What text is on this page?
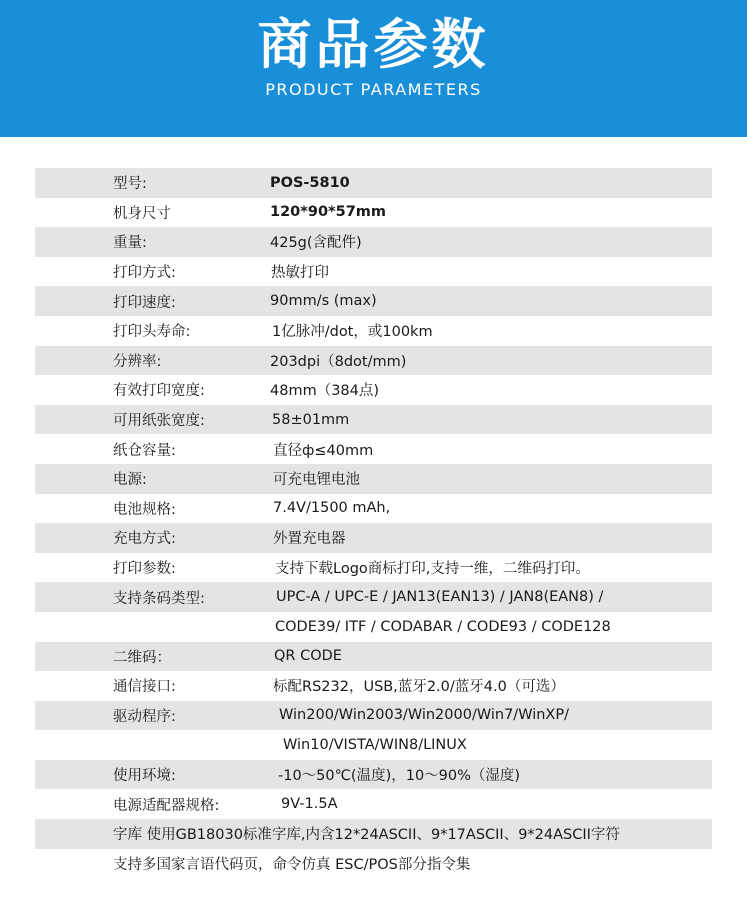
商品参数
PRODUCT PARAMETERS
型号:	POS-5810
机身尺寸	120*90*57mm
重量:	425g(含配件)
打印方式:	热敏打印
打印速度:	90mm/s (max)
打印头寿命:	1亿脉冲/dot，或100km
分辨率:	203dpi（8dot/mm)
有效打印宽度:	48mm（384点)
可用纸张宽度:	58±01mm
纸仓容量:	直径ф≤40mm
电源:	可充电锂电池
电池规格:	7.4V/1500 mAh,
充电方式:	外置充电器
打印参数:	支持下载Logo商标打印,支持一维，二维码打印。
支持条码类型:	UPC-A / UPC-E / JAN13(EAN13) / JAN8(EAN8) /
CODE39/ ITF / CODABAR / CODE93 / CODE128
二维码：	QR CODE
通信接口:	标配RS232，USB,蓝牙2.0/蓝牙4.0（可选）
驱动程序:	Win200/Win2003/Win2000/Win7/WinXP/
Win10/VISTA/WIN8/LINUX
使用环境:	-10～50℃(温度)，10～90%（湿度)
电源适配器规格:	9V-1.5A
字库 使用GB18030标准字库,内含12*24ASCII、9*17ASCII、9*24ASCII字符
支持多国家言语代码页，命令仿真 ESC/POS部分指令集
